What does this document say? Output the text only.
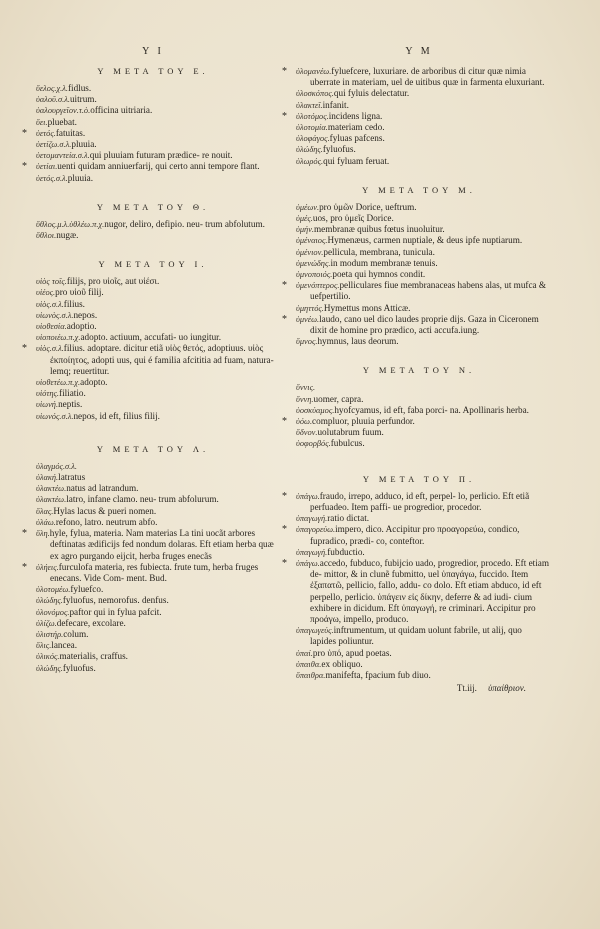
Y I
Y META TOY E.

ὕελος.χ.λ.fidlus.

ὑαλοῦ.σ.λ.uitrum.

ὑαλουργεῖον.τ.ὸ.officina uitriaria.

ὕει.pluebat.

* ὑετός.fatuitas.

ὑετίζω.σ.λ.pluuia.

ὑετομαντεία.σ.λ.qui pluuiam futuram prædice- re nouit.

* ὑετίαι.uenti quidam anniuerfarij, qui certo anni tempore flant.

ὑετός.σ.λ.pluuia.

Y META TOY Θ.

ὕθλος.μ.λ.ὑθλέω.π.χ.nugor, deliro, defipio. neu- trum abfolutum.

ὕθλοι.nugæ.

Y META TOY I.

υἱὸς τοῖς.filijs, pro υἱοῖς, aut υἱέσι.

υἱέος.pro υἱοῦ filij.

υἱὸς.σ.λ.filius.

υἱωνὸς.σ.λ.nepos.

υἱοθεσία.adoptio.

υἱοποιέω.π.χ.adopto. actiuum, accufati- uo iungitur.

* υἱὸς.σ.λ.filius. adoptare. dicitur etiã υἱὸς θετός, adoptiuus. υἱὸς ἐκποίητος, adopti uus, qui é familia afcititia ad fuam, natura- lemq; reuertitur.

υἱοθετέω.π.χ.adopto.

υἱότης.filiatio.

υἱωνή.neptis.

υἱωνός.σ.λ.nepos, id eft, filius filij.

Y META TOY Λ.

ὑλαγμός.σ.λ.

ὑλακή.latratus

ὑλακτέω.natus ad latrandum.

ὑλακτέω.latro, infane clamo. neu- trum abfolurum.

ὕλας.Hylas lacus & pueri nomen.

ὑλάω.refono, latro. neutrum abfo.

* ὕλη.hyle, fylua, materia. Nam materias La tini uocãt arbores deftinatas ædificijs fed nondum dolaras. Eft etiam herba quæ ex agro purgando eijcit, herba fruges enecãs

* ὑλήεις.furculofa materia, res fubiecta. frute tum, herba fruges enecans. Vide Com- ment. Bud.

ὑλοτομέω.fyluefco.

ὑλώδης.fyluofus, nemorofus. denfus.

ὑλονόμος.paftor qui in fylua pafcit.

ὑλίζω.defecare, excolare.

ὑλιστήρ.colum.

ὕλις.lancea.

ὑλικός.materialis, craffus.

ὑλώδης.fyluofus.

Y M

* ὑλομανέω.fyluefcere, luxuriare. de arboribus di citur quæ nimia uberrate in materiam, uel de uitibus quæ in farmenta eluxuriant.

ὑλοσκόπος.qui fyluis delectatur.

ὑλακτεῖ.infanit.

* ὑλοτόμος.incidens ligna.

ὑλοτομία.materiam cedo.

ὑλοφάγος.fyluas pafcens.

ὑλώδης.fyluofus.

ὑλωρός.qui fyluam feruat.

Y META TOY M.

ὑμέων.pro ὑμῶν Dorice, ueftrum.

ὑμές.uos, pro ὑμεῖς Dorice.

ὑμήν.membranæ quibus fœtus inuoluitur.

ὑμέναιος.Hymenæus, carmen nuptiale, & deus ipfe nuptiarum.

ὑμένιον.pellicula, membrana, tunicula.

ὑμενώδης.in modum membranæ tenuis.

ὑμνοποιός.poeta qui hymnos condit.

* ὑμενόπτερος.pelliculares fiue membranaceas habens alas, ut mufca & uefpertilio.

ὑμηττός.Hymettus mons Atticæ.

* ὑμνέω.laudo, cano uel dico laudes proprie dijs. Gaza in Ciceronem dixit de homine pro prædico, acti accufa.iung.

ὕμνος.hymnus, laus deorum.

Y META TOY N.

ὕννις.

ὕννη.uomer, capra.

ὑοσκύαμος.hyofcyamus, id eft, faba porci- na. Apollinaris herba.

* ὑόω.compluor, pluuia perfundor.

ὕδνον.uolutabrum fuum.

ὑοφορβός.fubulcus.

Y META TOY Π.

* ὑπάγω.fraudo, irrepo, adduco, id eft, perpel- lo, perlicio. Eft etiã perfuadeo. Item paffi- ue progredior, procedor.

ὑπαγωγή.ratio dictat.

* ὑπαγορεύω.impero, dico. Accipitur pro προαγορεύω, condico, fupradico, prædi- co, conteftor.

ὑπαγωγή.fubductio.

* ὑπάγω.accedo, fubduco, fubijcio uado, progredior, procedo. Eft etiam de- mittor, & in clunẽ fubmitto, uel ὑπαγάγω, fuccido. Item ἐξαπατῶ, pellicio, fallo, addu- co dolo. Eft etiam abduco, id eft perpello, perlicio. ὑπάγειν εἰς δίκην, deferre & ad iudi- cium exhibere in dicidum. Eft ὑπαγωγή, re criminari. Accipitur pro προάγω, impello, produco.

ὑπαγωγεύς.inftrumentum, ut quidam uolunt fabrile, ut alij, quo lapides poliuntur.

ὑπαί.pro ὑπό, apud poetas.

ὑπαιθα.ex obliquo.

ὕπαιθρα.manifefta, fpacium fub diuo.

Tt.iij. ὑπαίθριον.
